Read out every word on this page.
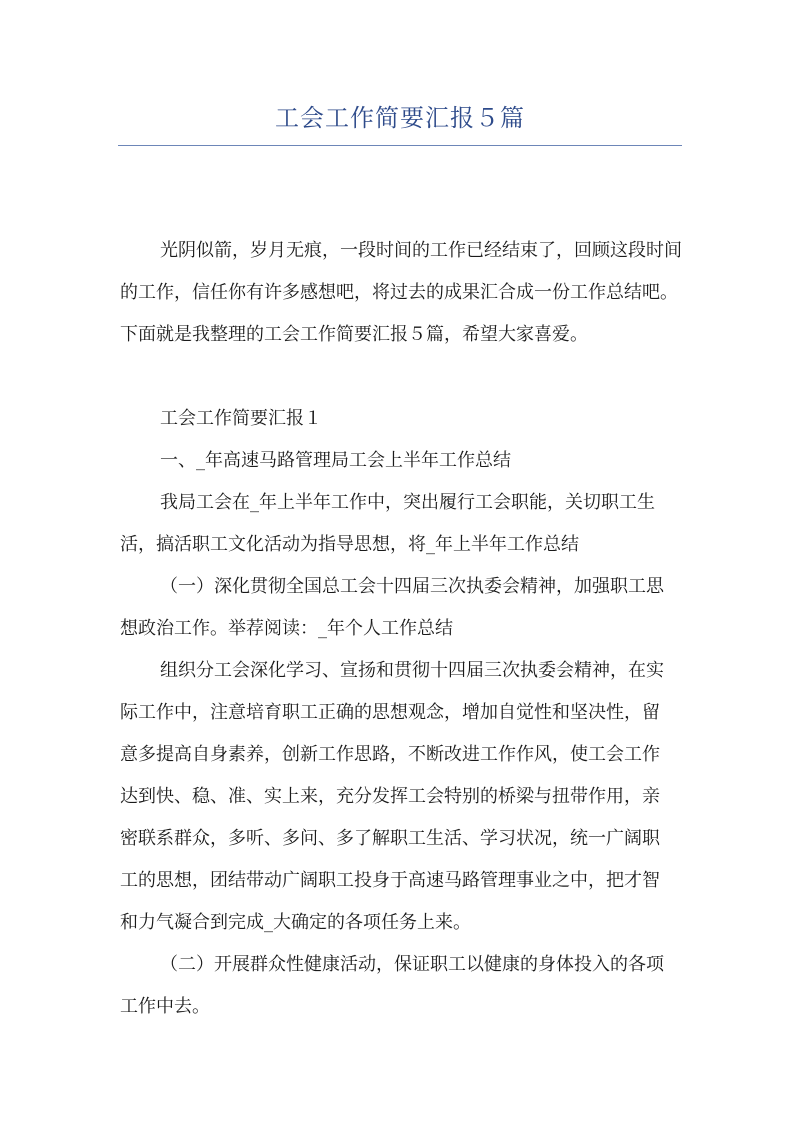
工会工作简要汇报５篇
光阴似箭，岁月无痕，一段时间的工作已经结束了，回顾这段时间
的工作，信任你有许多感想吧，将过去的成果汇合成一份工作总结吧。
下面就是我整理的工会工作简要汇报５篇，希望大家喜爱。
工会工作简要汇报１
一、_年高速马路管理局工会上半年工作总结
我局工会在_年上半年工作中，突出履行工会职能，关切职工生
活，搞活职工文化活动为指导思想，将_年上半年工作总结
（一）深化贯彻全国总工会十四届三次执委会精神，加强职工思
想政治工作。举荐阅读：_年个人工作总结
组织分工会深化学习、宣扬和贯彻十四届三次执委会精神，在实
际工作中，注意培育职工正确的思想观念，增加自觉性和坚决性，留
意多提高自身素养，创新工作思路，不断改进工作作风，使工会工作
达到快、稳、准、实上来，充分发挥工会特别的桥梁与扭带作用，亲
密联系群众，多听、多问、多了解职工生活、学习状况，统一广阔职
工的思想，团结带动广阔职工投身于高速马路管理事业之中，把才智
和力气凝合到完成_大确定的各项任务上来。
（二）开展群众性健康活动，保证职工以健康的身体投入的各项
工作中去。
